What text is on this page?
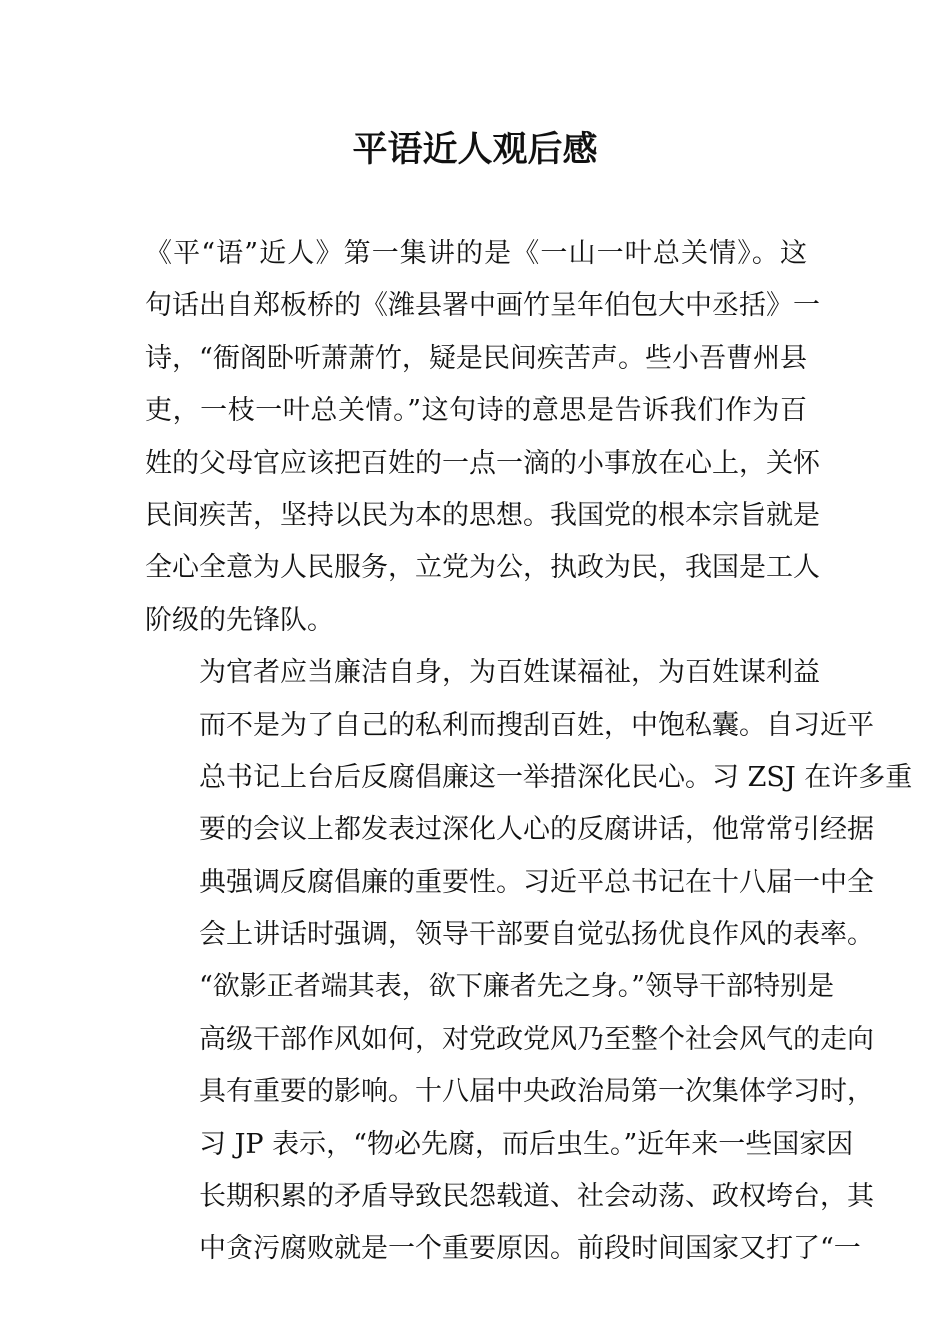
平语近人观后感

《平“语”近人》第一集讲的是《一山一叶总关情》。这
句话出自郑板桥的《潍县署中画竹呈年伯包大中丞括》一
诗，“衙阁卧听萧萧竹，疑是民间疾苦声。些小吾曹州县
吏，一枝一叶总关情。”这句诗的意思是告诉我们作为百
姓的父母官应该把百姓的一点一滴的小事放在心上，关怀
民间疾苦，坚持以民为本的思想。我国党的根本宗旨就是
全心全意为人民服务，立党为公，执政为民，我国是工人
阶级的先锋队。

为官者应当廉洁自身，为百姓谋福祉，为百姓谋利益
而不是为了自己的私利而搜刮百姓，中饱私囊。自习近平
总书记上台后反腐倡廉这一举措深化民心。习 ZSJ 在许多重
要的会议上都发表过深化人心的反腐讲话，他常常引经据
典强调反腐倡廉的重要性。习近平总书记在十八届一中全
会上讲话时强调，领导干部要自觉弘扬优良作风的表率。
“欲影正者端其表，欲下廉者先之身。”领导干部特别是
高级干部作风如何，对党政党风乃至整个社会风气的走向
具有重要的影响。十八届中央政治局第一次集体学习时，
习 JP 表示，“物必先腐，而后虫生。”近年来一些国家因
长期积累的矛盾导致民怨载道、社会动荡、政权垮台，其
中贪污腐败就是一个重要原因。前段时间国家又打了“一
